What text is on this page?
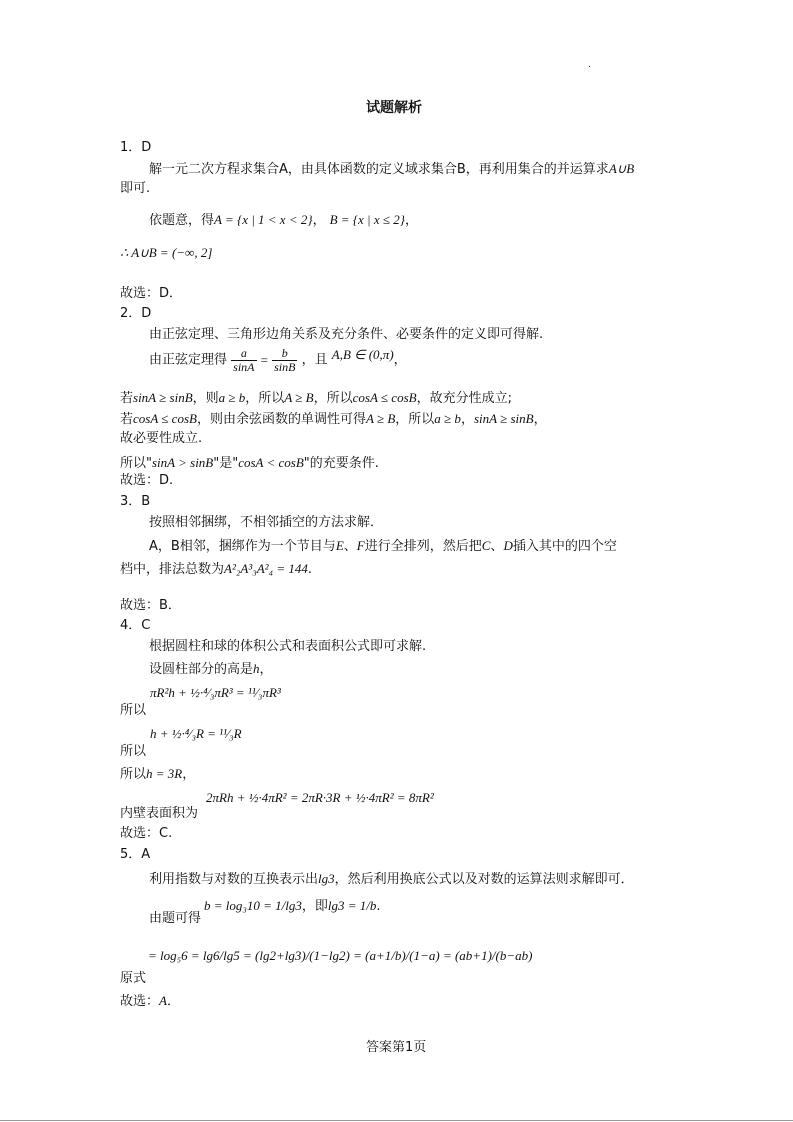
.
试题解析
1．D
解一元二次方程求集合A，由具体函数的定义域求集合B，再利用集合的并运算求A∪B
即可.
依题意，得A = {x | 1 < x < 2}， B = {x | x ≤ 2}，
∴ A∪B = (−∞, 2]
故选：D．
2．D
由正弦定理、三角形边角关系及充分条件、必要条件的定义即可得解.
由正弦定理得 $\frac{a}{\sin A} = \frac{b}{\sin B}$ ，且 A,B ∈ (0,π)，
若sinA ≥ sinB，则a ≥ b，所以A ≥ B，所以cosA ≤ cosB，故充分性成立;
若cosA ≤ cosB，则由余弦函数的单调性可得A ≥ B，所以a ≥ b，sinA ≥ sinB，
故必要性成立.
所以"sinA > sinB"是"cosA < cosB"的充要条件.
故选：D.
3．B
按照相邻捆绑，不相邻插空的方法求解．
A，B相邻，捆绑作为一个节目与E、F进行全排列，然后把C、D插入其中的四个空
档中，排法总数为A²₂A³₃A²₄ = 144.
故选：B．
4．C
根据圆柱和球的体积公式和表面积公式即可求解.
设圆柱部分的高是h，
所以
πR²h + ½·⁴⁄₃πR³ = ¹¹⁄₃πR³
所以
h + ½·⁴⁄₃R = ¹¹⁄₃R
所以h = 3R，
内壁表面积为
2πRh + ½·4πR² = 2πR·3R + ½·4πR² = 8πR²
故选：C.
5．A
利用指数与对数的互换表示出lg3，然后利用换底公式以及对数的运算法则求解即可．
由题可得
b = log₃10 = 1/lg3，即lg3 = 1/b.
原式
= log₅6 = lg6/lg5 = (lg2+lg3)/(1−lg2) = (a+1/b)/(1−a) = (ab+1)/(b−ab)
故选：A．
答案第1页
